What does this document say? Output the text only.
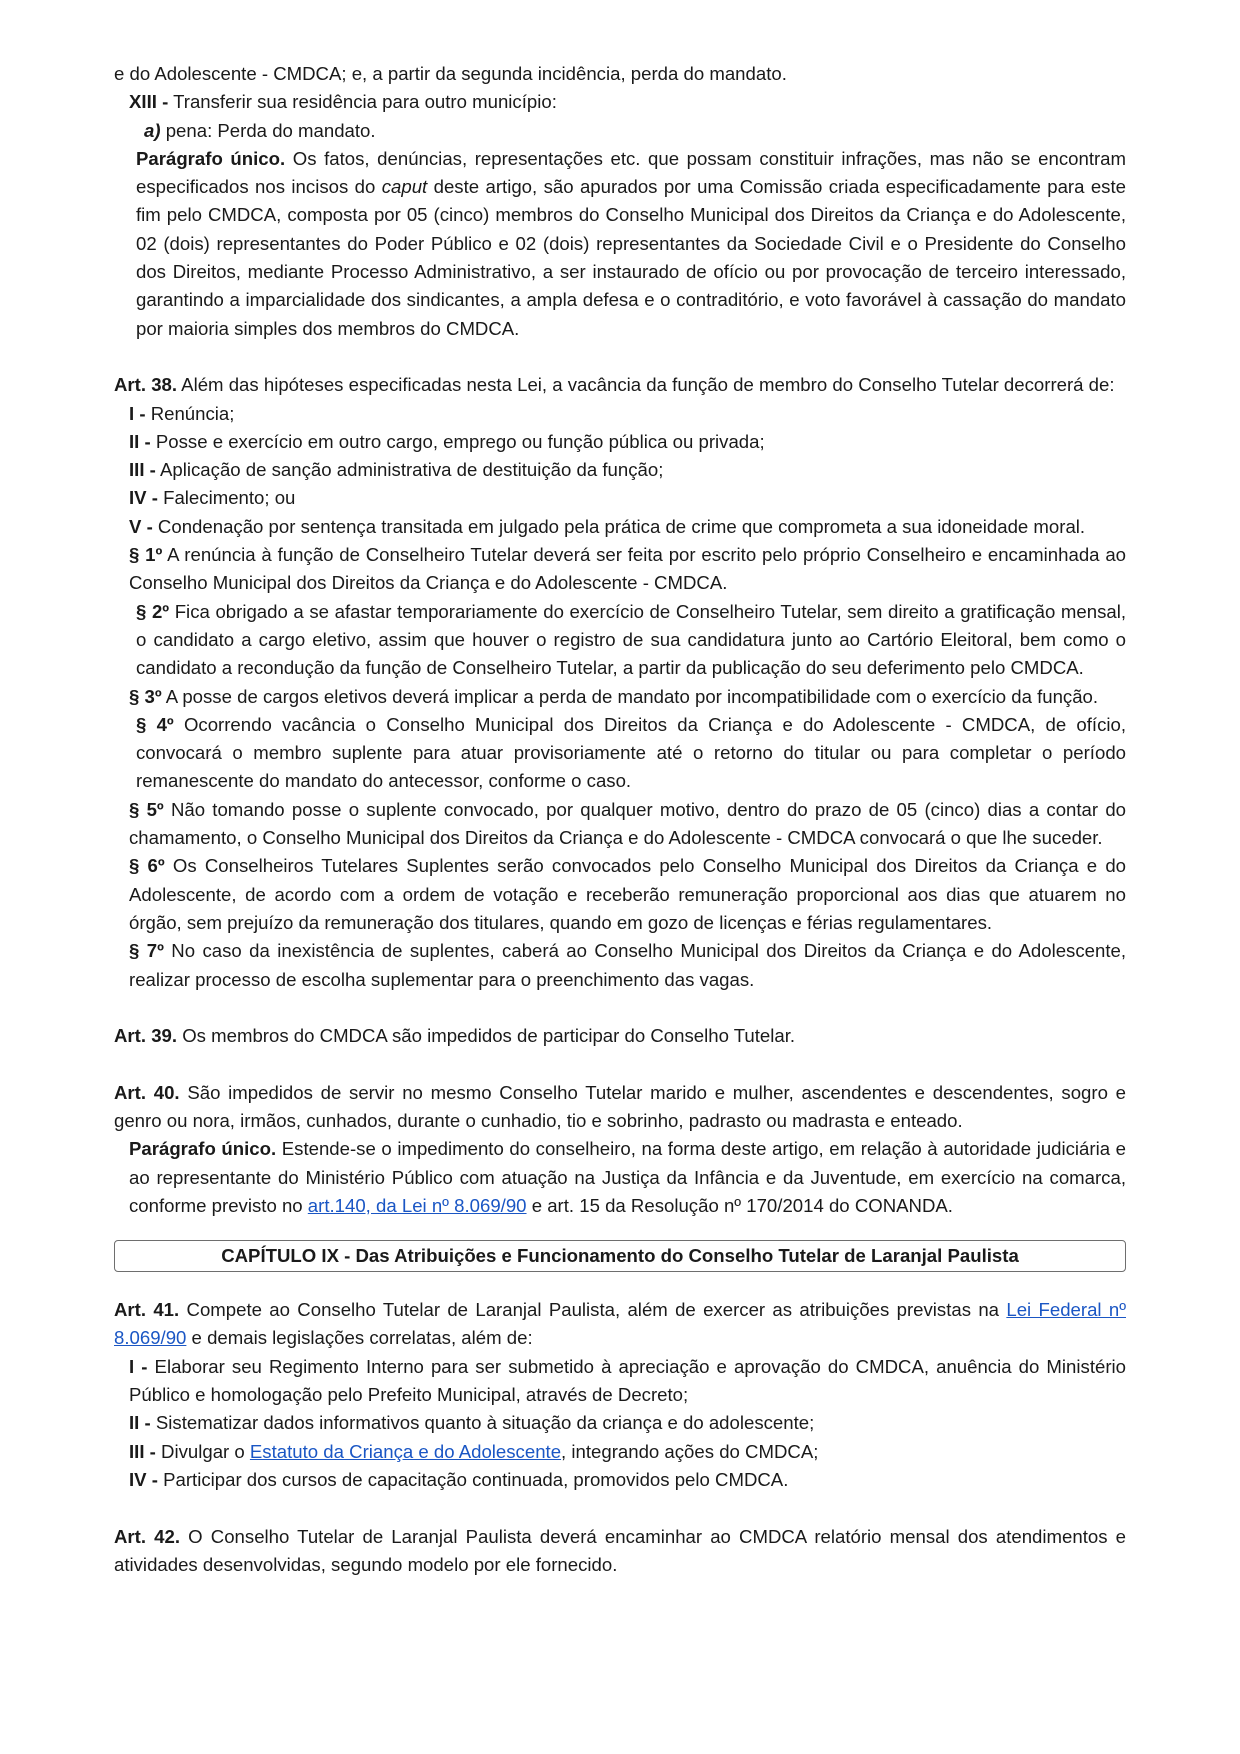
e do Adolescente - CMDCA; e, a partir da segunda incidência, perda do mandato.

XIII - Transferir sua residência para outro município:

a) pena: Perda do mandato.

Parágrafo único. Os fatos, denúncias, representações etc. que possam constituir infrações, mas não se encontram especificados nos incisos do caput deste artigo, são apurados por uma Comissão criada especificadamente para este fim pelo CMDCA, composta por 05 (cinco) membros do Conselho Municipal dos Direitos da Criança e do Adolescente, 02 (dois) representantes do Poder Público e 02 (dois) representantes da Sociedade Civil e o Presidente do Conselho dos Direitos, mediante Processo Administrativo, a ser instaurado de ofício ou por provocação de terceiro interessado, garantindo a imparcialidade dos sindicantes, a ampla defesa e o contraditório, e voto favorável à cassação do mandato por maioria simples dos membros do CMDCA.

Art. 38. Além das hipóteses especificadas nesta Lei, a vacância da função de membro do Conselho Tutelar decorrerá de:

I - Renúncia;

II - Posse e exercício em outro cargo, emprego ou função pública ou privada;

III - Aplicação de sanção administrativa de destituição da função;

IV - Falecimento; ou

V - Condenação por sentença transitada em julgado pela prática de crime que comprometa a sua idoneidade moral.

§ 1º A renúncia à função de Conselheiro Tutelar deverá ser feita por escrito pelo próprio Conselheiro e encaminhada ao Conselho Municipal dos Direitos da Criança e do Adolescente - CMDCA.

§ 2º Fica obrigado a se afastar temporariamente do exercício de Conselheiro Tutelar, sem direito a gratificação mensal, o candidato a cargo eletivo, assim que houver o registro de sua candidatura junto ao Cartório Eleitoral, bem como o candidato a recondução da função de Conselheiro Tutelar, a partir da publicação do seu deferimento pelo CMDCA.

§ 3º A posse de cargos eletivos deverá implicar a perda de mandato por incompatibilidade com o exercício da função.

§ 4º Ocorrendo vacância o Conselho Municipal dos Direitos da Criança e do Adolescente - CMDCA, de ofício, convocará o membro suplente para atuar provisoriamente até o retorno do titular ou para completar o período remanescente do mandato do antecessor, conforme o caso.

§ 5º Não tomando posse o suplente convocado, por qualquer motivo, dentro do prazo de 05 (cinco) dias a contar do chamamento, o Conselho Municipal dos Direitos da Criança e do Adolescente - CMDCA convocará o que lhe suceder.

§ 6º Os Conselheiros Tutelares Suplentes serão convocados pelo Conselho Municipal dos Direitos da Criança e do Adolescente, de acordo com a ordem de votação e receberão remuneração proporcional aos dias que atuarem no órgão, sem prejuízo da remuneração dos titulares, quando em gozo de licenças e férias regulamentares.

§ 7º No caso da inexistência de suplentes, caberá ao Conselho Municipal dos Direitos da Criança e do Adolescente, realizar processo de escolha suplementar para o preenchimento das vagas.

Art. 39. Os membros do CMDCA são impedidos de participar do Conselho Tutelar.

Art. 40. São impedidos de servir no mesmo Conselho Tutelar marido e mulher, ascendentes e descendentes, sogro e genro ou nora, irmãos, cunhados, durante o cunhadio, tio e sobrinho, padrasto ou madrasta e enteado.

Parágrafo único. Estende-se o impedimento do conselheiro, na forma deste artigo, em relação à autoridade judiciária e ao representante do Ministério Público com atuação na Justiça da Infância e da Juventude, em exercício na comarca, conforme previsto no art.140, da Lei nº 8.069/90 e art. 15 da Resolução nº 170/2014 do CONANDA.

CAPÍTULO IX - Das Atribuições e Funcionamento do Conselho Tutelar de Laranjal Paulista

Art. 41. Compete ao Conselho Tutelar de Laranjal Paulista, além de exercer as atribuições previstas na Lei Federal nº 8.069/90 e demais legislações correlatas, além de:

I - Elaborar seu Regimento Interno para ser submetido à apreciação e aprovação do CMDCA, anuência do Ministério Público e homologação pelo Prefeito Municipal, através de Decreto;

II - Sistematizar dados informativos quanto à situação da criança e do adolescente;

III - Divulgar o Estatuto da Criança e do Adolescente, integrando ações do CMDCA;

IV - Participar dos cursos de capacitação continuada, promovidos pelo CMDCA.

Art. 42. O Conselho Tutelar de Laranjal Paulista deverá encaminhar ao CMDCA relatório mensal dos atendimentos e atividades desenvolvidas, segundo modelo por ele fornecido.
